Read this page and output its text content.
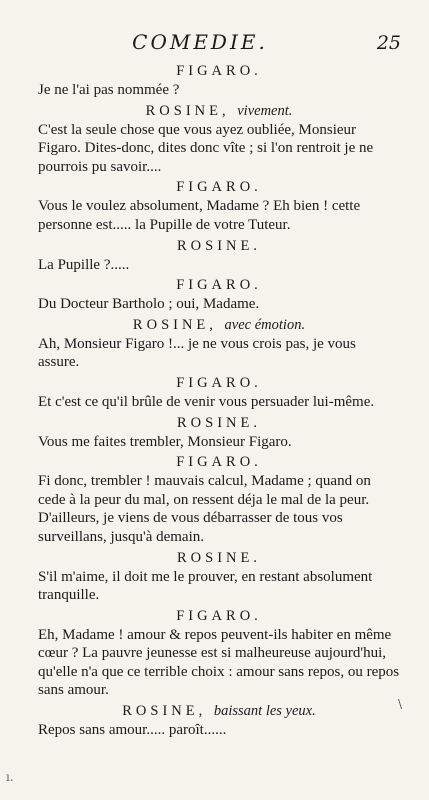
COMEDIE.	25
FIGARO.

Je ne l'ai pas nommée ?

ROSINE, vivement.

C'est la seule chose que vous ayez oubliée, Monsieur Figaro. Dites-donc, dites donc vîte ; si l'on rentroit je ne pourrois pu savoir....

FIGARO.

Vous le voulez absolument, Madame ? Eh bien ! cette personne est..... la Pupille de votre Tuteur.

ROSINE.

La Pupille ?.....

FIGARO.

Du Docteur Bartholo ; oui, Madame.

ROSINE, avec émotion.

Ah, Monsieur Figaro !... je ne vous crois pas, je vous assure.

FIGARO.

Et c'est ce qu'il brûle de venir vous persuader lui-même.

ROSINE.

Vous me faites trembler, Monsieur Figaro.

FIGARO.

Fi donc, trembler ! mauvais calcul, Madame ; quand on cede à la peur du mal, on ressent déja le mal de la peur. D'ailleurs, je viens de vous débarrasser de tous vos surveillans, jusqu'à demain.

ROSINE.

S'il m'aime, il doit me le prouver, en restant absolument tranquille.

FIGARO.

Eh, Madame ! amour & repos peuvent-ils habiter en même cœur ? La pauvre jeunesse est si malheureuse aujourd'hui, qu'elle n'a que ce terrible choix : amour sans repos, ou repos sans amour.

ROSINE, baissant les yeux.

Repos sans amour..... paroît......

\
ı.
